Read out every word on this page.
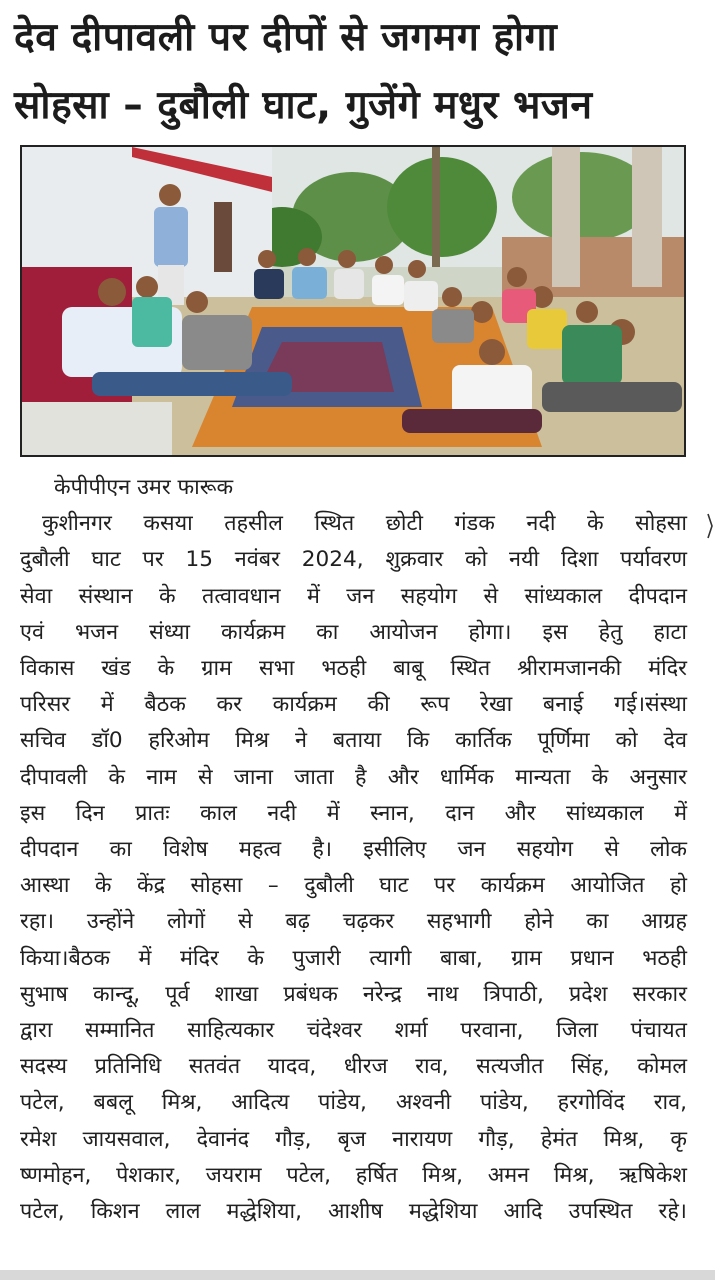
देव दीपावली पर दीपों से जगमग होगा
सोहसा – दुबौली घाट, गुजेंगे मधुर भजन
केपीपीएन उमर फारूक

कुशीनगर कसया तहसील स्थित छोटी गंडक नदी के सोहसा
दुबौली घाट पर 15 नवंबर 2024, शुक्रवार को नयी दिशा पर्यावरण
सेवा संस्थान के तत्वावधान में जन सहयोग से सांध्यकाल दीपदान
एवं भजन संध्या कार्यक्रम का आयोजन होगा। इस हेतु हाटा
विकास खंड के ग्राम सभा भठही बाबू स्थित श्रीरामजानकी मंदिर
परिसर में बैठक कर कार्यक्रम की रूप रेखा बनाई गई।संस्था
सचिव डॉ0 हरिओम मिश्र ने बताया कि कार्तिक पूर्णिमा को देव
दीपावली के नाम से जाना जाता है और धार्मिक मान्यता के अनुसार
इस दिन प्रातः काल नदी में स्नान, दान और सांध्यकाल में
दीपदान का विशेष महत्व है। इसीलिए जन सहयोग से लोक
आस्था के केंद्र सोहसा – दुबौली घाट पर कार्यक्रम आयोजित हो
रहा। उन्होंने लोगों से बढ़ चढ़कर सहभागी होने का आग्रह
किया।बैठक में मंदिर के पुजारी त्यागी बाबा, ग्राम प्रधान भठही
सुभाष कान्दू, पूर्व शाखा प्रबंधक नरेन्द्र नाथ त्रिपाठी, प्रदेश सरकार
द्वारा सम्मानित साहित्यकार चंदेश्वर शर्मा परवाना, जिला पंचायत
सदस्य प्रतिनिधि सतवंत यादव, धीरज राव, सत्यजीत सिंह, कोमल
पटेल, बबलू मिश्र, आदित्य पांडेय, अश्वनी पांडेय, हरगोविंद राव,
रमेश जायसवाल, देवानंद गौड़, बृज नारायण गौड़, हेमंत मिश्र, कृ
ष्णमोहन, पेशकार, जयराम पटेल, हर्षित मिश्र, अमन मिश्र, ऋषिकेश
पटेल, किशन लाल मद्धेशिया, आशीष मद्धेशिया आदि उपस्थित रहे।
